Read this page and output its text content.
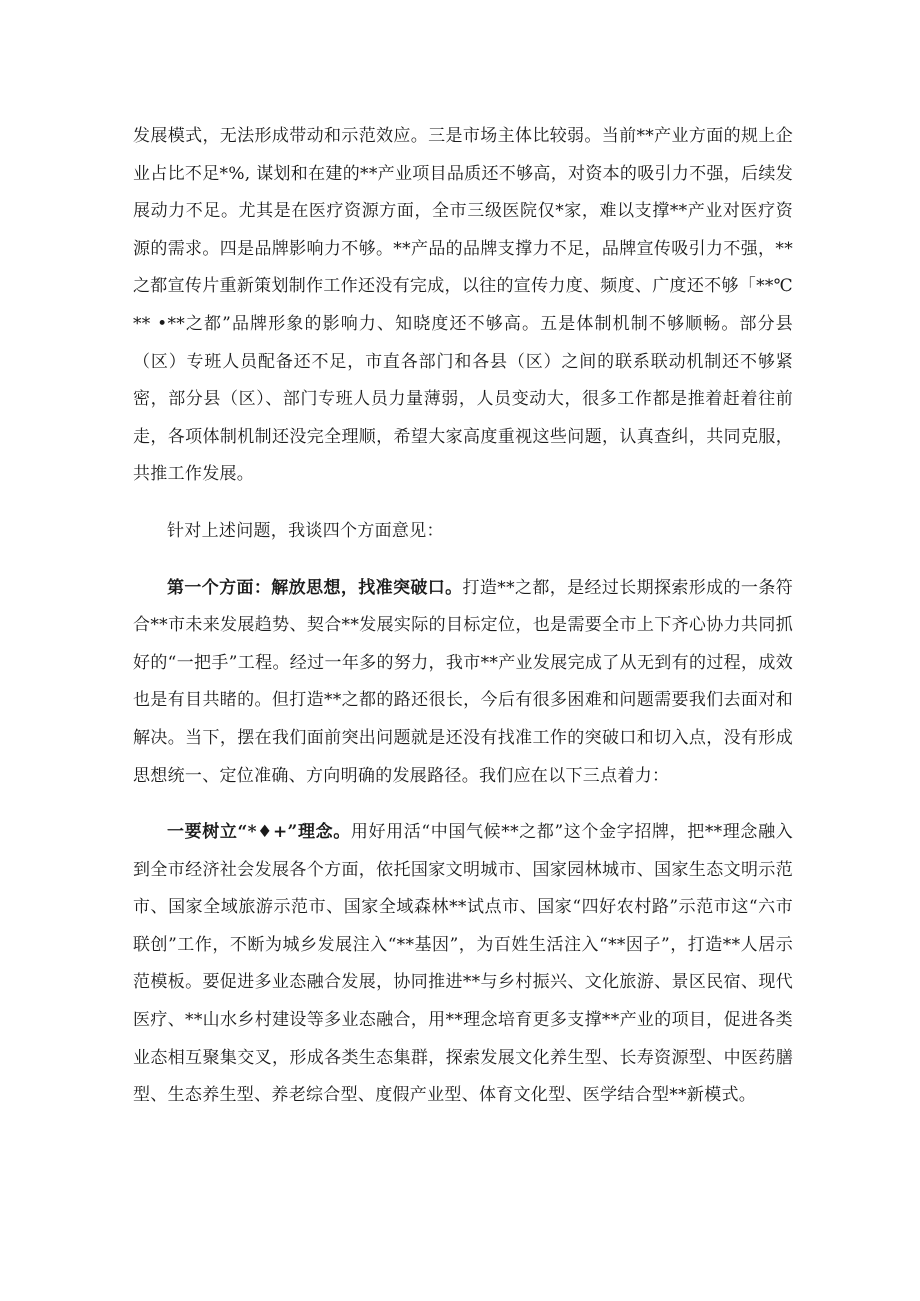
发展模式，无法形成带动和示范效应。三是市场主体比较弱。当前**产业方面的规上企业占比不足*%, 谋划和在建的**产业项目品质还不够高，对资本的吸引力不强，后续发展动力不足。尤其是在医疗资源方面，全市三级医院仅*家，难以支撑**产业对医疗资源的需求。四是品牌影响力不够。**产品的品牌支撑力不足，品牌宣传吸引力不强，**之都宣传片重新策划制作工作还没有完成，以往的宣传力度、频度、广度还不够「**℃** •**之都”品牌形象的影响力、知晓度还不够高。五是体制机制不够顺畅。部分县（区）专班人员配备还不足，市直各部门和各县（区）之间的联系联动机制还不够紧密，部分县（区）、部门专班人员力量薄弱，人员变动大，很多工作都是推着赶着往前走，各项体制机制还没完全理顺，希望大家高度重视这些问题，认真查纠，共同克服，共推工作发展。

针对上述问题，我谈四个方面意见：

第一个方面：解放思想，找准突破口。打造**之都，是经过长期探索形成的一条符合**市未来发展趋势、契合**发展实际的目标定位，也是需要全市上下齐心协力共同抓好的“一把手”工程。经过一年多的努力，我市**产业发展完成了从无到有的过程，成效也是有目共睹的。但打造**之都的路还很长，今后有很多困难和问题需要我们去面对和解决。当下，摆在我们面前突出问题就是还没有找准工作的突破口和切入点，没有形成思想统一、定位准确、方向明确的发展路径。我们应在以下三点着力：

一要树立“*♦+”理念。用好用活“中国气候**之都”这个金字招牌，把**理念融入到全市经济社会发展各个方面，依托国家文明城市、国家园林城市、国家生态文明示范市、国家全域旅游示范市、国家全域森林**试点市、国家“四好农村路”示范市这“六市联创”工作，不断为城乡发展注入“**基因”，为百姓生活注入“**因子”，打造**人居示范模板。要促进多业态融合发展，协同推进**与乡村振兴、文化旅游、景区民宿、现代医疗、**山水乡村建设等多业态融合，用**理念培育更多支撑**产业的项目，促进各类业态相互聚集交叉，形成各类生态集群，探索发展文化养生型、长寿资源型、中医药膳型、生态养生型、养老综合型、度假产业型、体育文化型、医学结合型**新模式。
